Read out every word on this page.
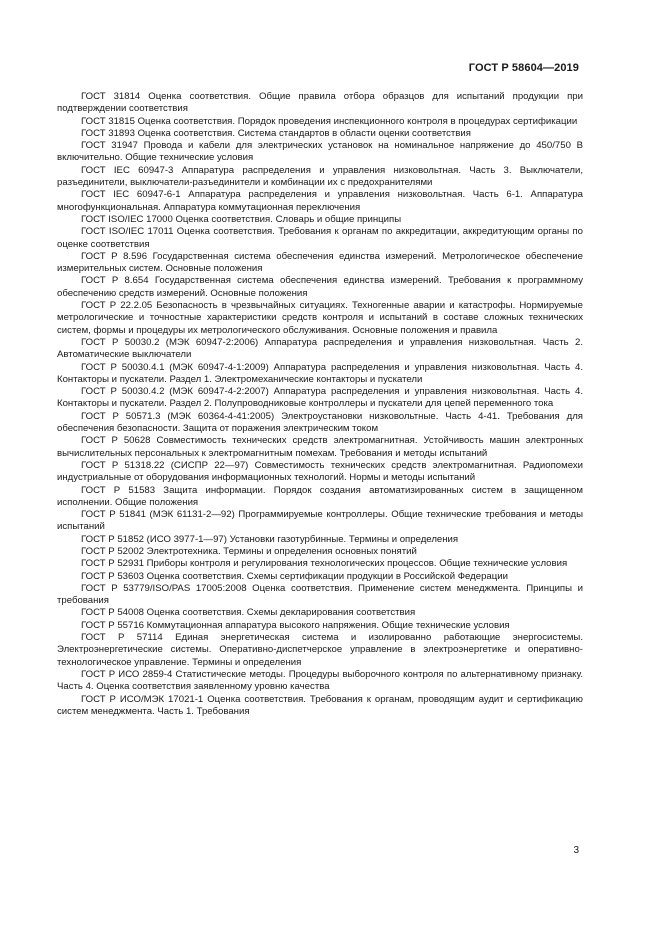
ГОСТ Р 58604—2019

ГОСТ 31814 Оценка соответствия. Общие правила отбора образцов для испытаний продукции при подтверждении соответствия

ГОСТ 31815 Оценка соответствия. Порядок проведения инспекционного контроля в процедурах сертификации

ГОСТ 31893 Оценка соответствия. Система стандартов в области оценки соответствия

ГОСТ 31947 Провода и кабели для электрических установок на номинальное напряжение до 450/750 В включительно. Общие технические условия

ГОСТ IEC 60947-3 Аппаратура распределения и управления низковольтная. Часть 3. Выключатели, разъединители, выключатели-разъединители и комбинации их с предохранителями

ГОСТ IEC 60947-6-1 Аппаратура распределения и управления низковольтная. Часть 6-1. Аппаратура многофункциональная. Аппаратура коммутационная переключения

ГОСТ ISO/IEC 17000 Оценка соответствия. Словарь и общие принципы

ГОСТ ISO/IEC 17011 Оценка соответствия. Требования к органам по аккредитации, аккредитующим органы по оценке соответствия

ГОСТ Р 8.596 Государственная система обеспечения единства измерений. Метрологическое обеспечение измерительных систем. Основные положения

ГОСТ Р 8.654 Государственная система обеспечения единства измерений. Требования к программному обеспечению средств измерений. Основные положения

ГОСТ Р 22.2.05 Безопасность в чрезвычайных ситуациях. Техногенные аварии и катастрофы. Нормируемые метрологические и точностные характеристики средств контроля и испытаний в составе сложных технических систем, формы и процедуры их метрологического обслуживания. Основные положения и правила

ГОСТ Р 50030.2 (МЭК 60947-2:2006) Аппаратура распределения и управления низковольтная. Часть 2. Автоматические выключатели

ГОСТ Р 50030.4.1 (МЭК 60947-4-1:2009) Аппаратура распределения и управления низковольтная. Часть 4. Контакторы и пускатели. Раздел 1. Электромеханические контакторы и пускатели

ГОСТ Р 50030.4.2 (МЭК 60947-4-2:2007) Аппаратура распределения и управления низковольтная. Часть 4. Контакторы и пускатели. Раздел 2. Полупроводниковые контроллеры и пускатели для цепей переменного тока

ГОСТ Р 50571.3 (МЭК 60364-4-41:2005) Электроустановки низковольтные. Часть 4-41. Требования для обеспечения безопасности. Защита от поражения электрическим током

ГОСТ Р 50628 Совместимость технических средств электромагнитная. Устойчивость машин электронных вычислительных персональных к электромагнитным помехам. Требования и методы испытаний

ГОСТ Р 51318.22 (СИСПР 22—97) Совместимость технических средств электромагнитная. Радиопомехи индустриальные от оборудования информационных технологий. Нормы и методы испытаний

ГОСТ Р 51583 Защита информации. Порядок создания автоматизированных систем в защищенном исполнении. Общие положения

ГОСТ Р 51841 (МЭК 61131-2—92) Программируемые контроллеры. Общие технические требования и методы испытаний

ГОСТ Р 51852 (ИСО 3977-1—97) Установки газотурбинные. Термины и определения

ГОСТ Р 52002 Электротехника. Термины и определения основных понятий

ГОСТ Р 52931 Приборы контроля и регулирования технологических процессов. Общие технические условия

ГОСТ Р 53603 Оценка соответствия. Схемы сертификации продукции в Российской Федерации

ГОСТ Р 53779/ISO/PAS 17005:2008 Оценка соответствия. Применение систем менеджмента. Принципы и требования

ГОСТ Р 54008 Оценка соответствия. Схемы декларирования соответствия

ГОСТ Р 55716 Коммутационная аппаратура высокого напряжения. Общие технические условия

ГОСТ Р 57114 Единая энергетическая система и изолированно работающие энергосистемы. Электроэнергетические системы. Оперативно-диспетчерское управление в электроэнергетике и оперативно-технологическое управление. Термины и определения

ГОСТ Р ИСО 2859-4 Статистические методы. Процедуры выборочного контроля по альтернативному признаку. Часть 4. Оценка соответствия заявленному уровню качества

ГОСТ Р ИСО/МЭК 17021-1 Оценка соответствия. Требования к органам, проводящим аудит и сертификацию систем менеджмента. Часть 1. Требования

3
